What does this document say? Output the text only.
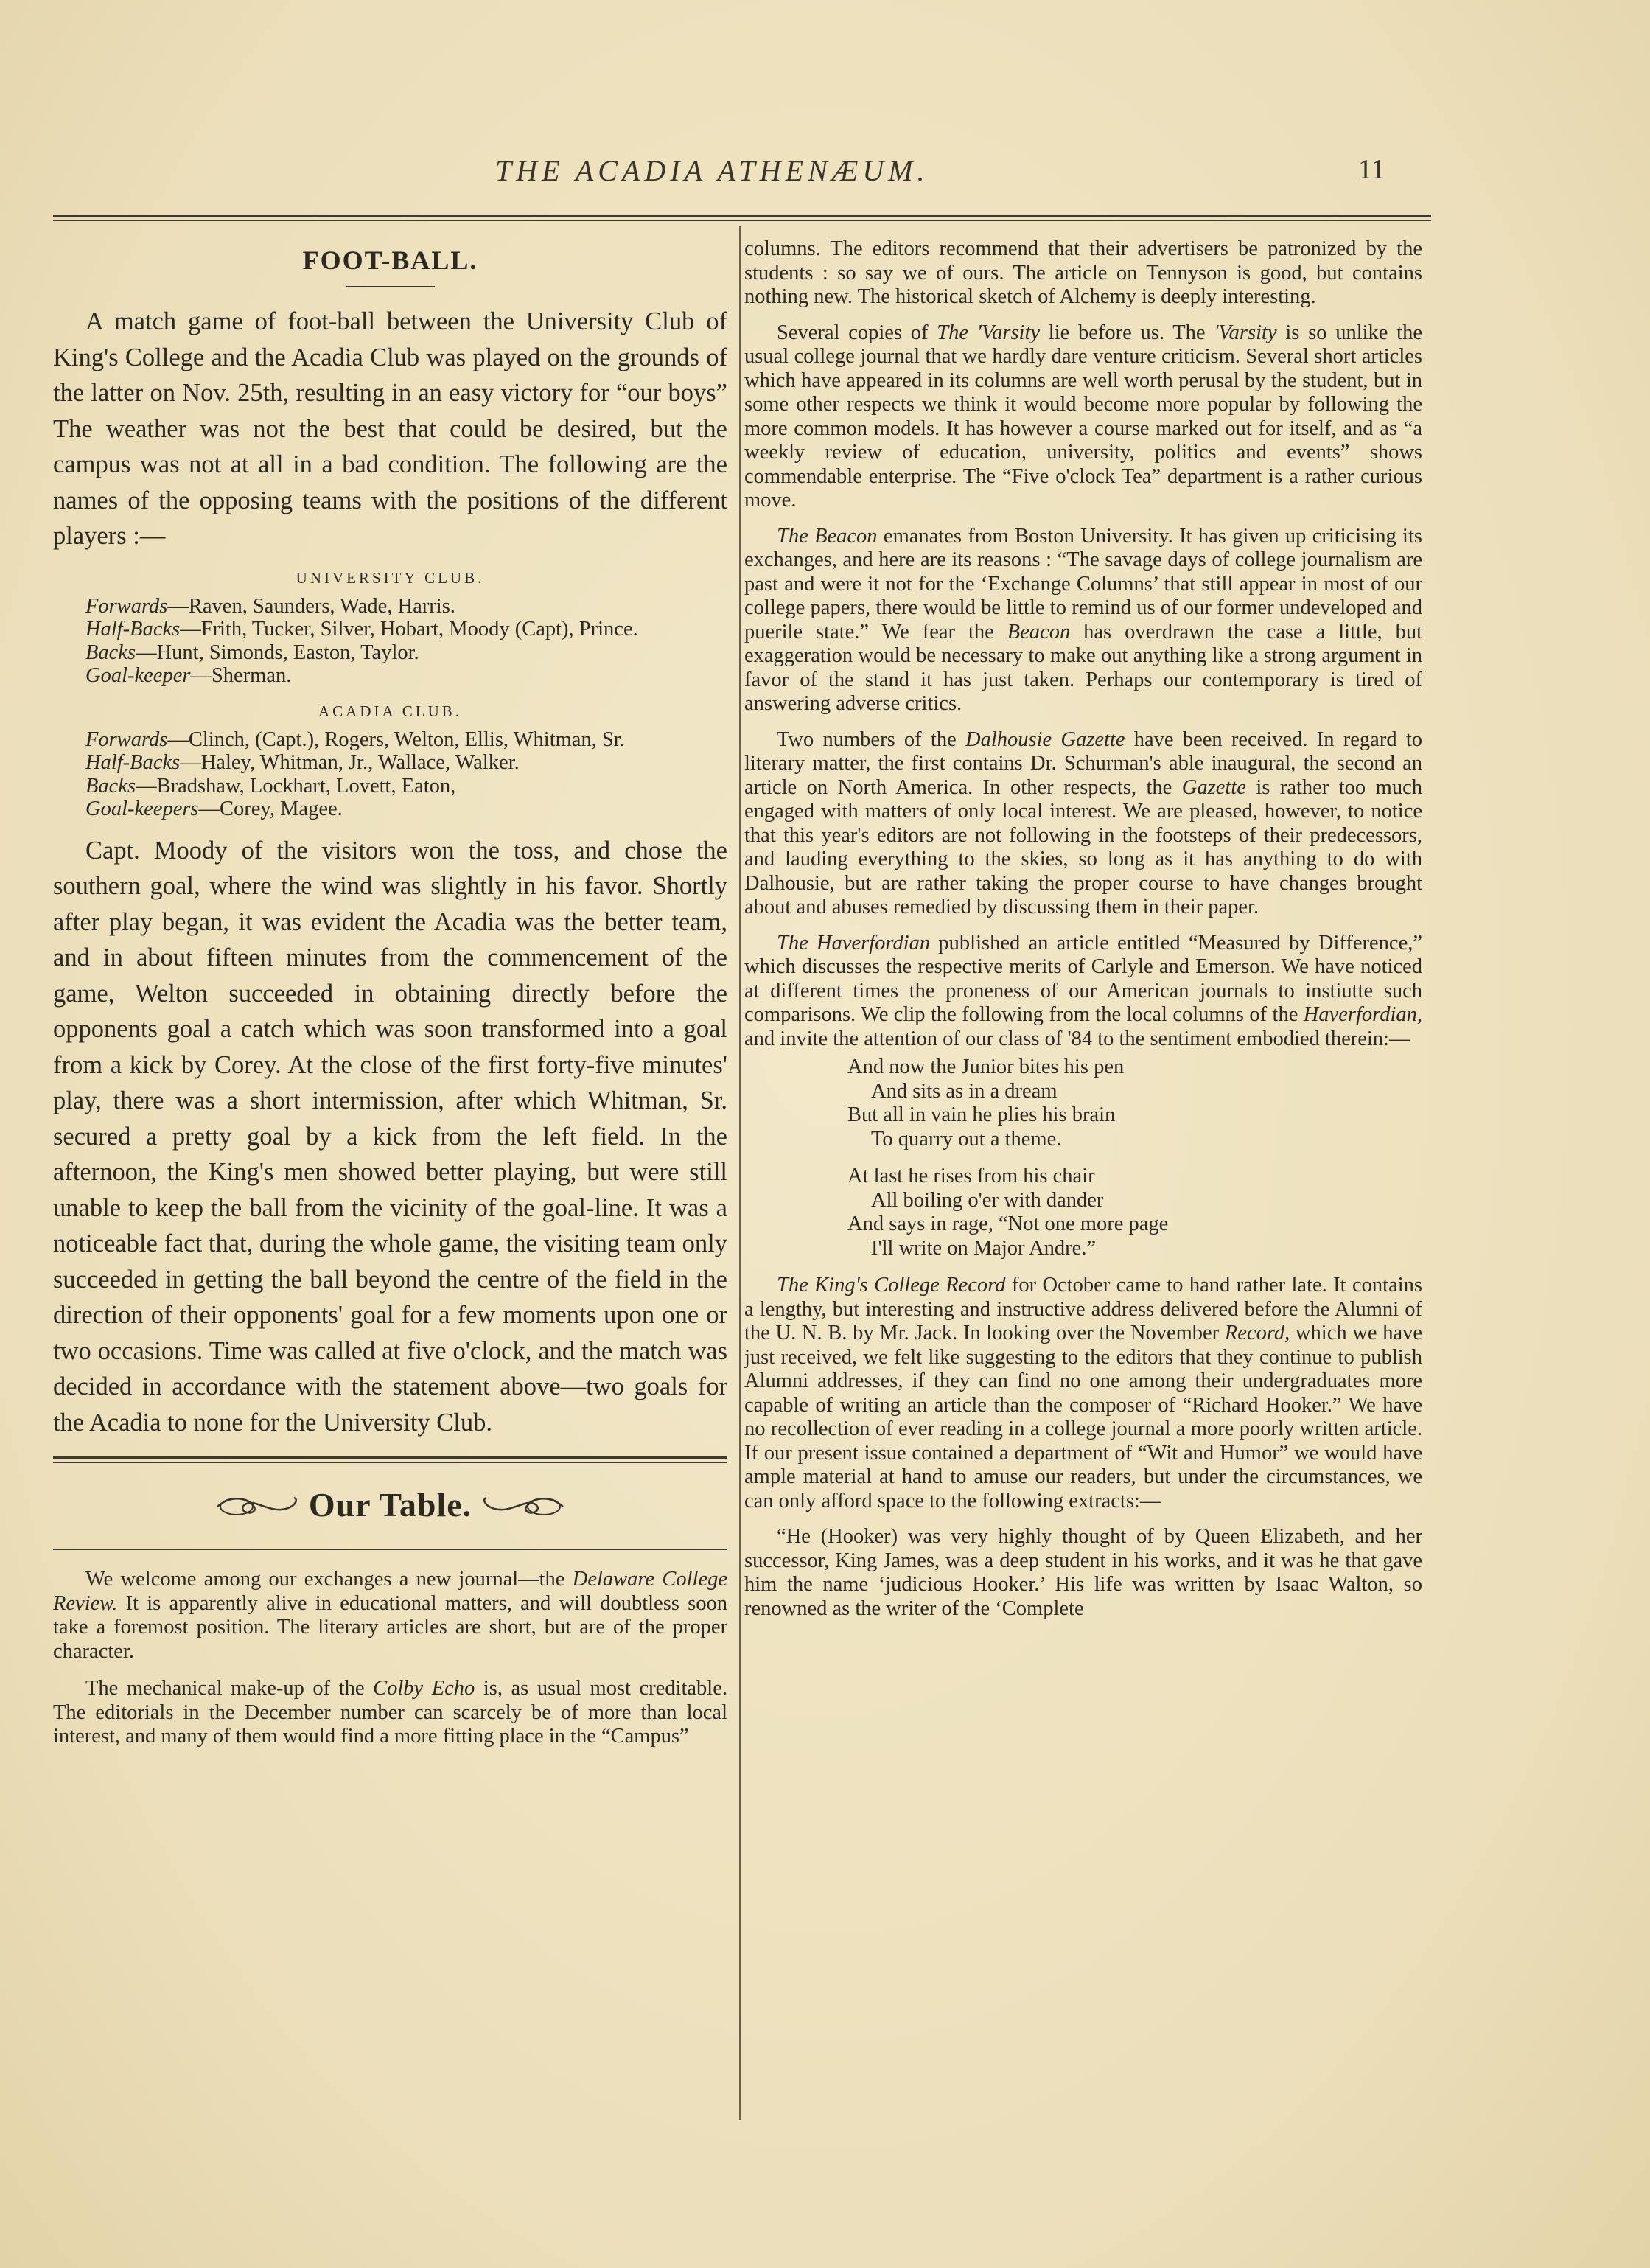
THE ACADIA ATHENÆUM.	11
FOOT-BALL.

A match game of foot-ball between the University Club of King's College and the Acadia Club was played on the grounds of the latter on Nov. 25th, resulting in an easy victory for “our boys” The weather was not the best that could be desired, but the campus was not at all in a bad condition. The following are the names of the opposing teams with the positions of the different players :—

UNIVERSITY CLUB.
Forwards—Raven, Saunders, Wade, Harris.
Half-Backs—Frith, Tucker, Silver, Hobart, Moody (Capt), Prince.
Backs—Hunt, Simonds, Easton, Taylor.
Goal-keeper—Sherman.
ACADIA CLUB.
Forwards—Clinch, (Capt.), Rogers, Welton, Ellis, Whitman, Sr.
Half-Backs—Haley, Whitman, Jr., Wallace, Walker.
Backs—Bradshaw, Lockhart, Lovett, Eaton,
Goal-keepers—Corey, Magee.

Capt. Moody of the visitors won the toss, and chose the southern goal, where the wind was slightly in his favor. Shortly after play began, it was evident the Acadia was the better team, and in about fifteen minutes from the commencement of the game, Welton succeeded in obtaining directly before the opponents goal a catch which was soon transformed into a goal from a kick by Corey. At the close of the first forty-five minutes' play, there was a short intermission, after which Whitman, Sr. secured a pretty goal by a kick from the left field. In the afternoon, the King's men showed better playing, but were still unable to keep the ball from the vicinity of the goal-line. It was a noticeable fact that, during the whole game, the visiting team only succeeded in getting the ball beyond the centre of the field in the direction of their opponents' goal for a few moments upon one or two occasions. Time was called at five o'clock, and the match was decided in accordance with the statement above—two goals for the Acadia to none for the University Club.

Our Table.

We welcome among our exchanges a new journal—the Delaware College Review. It is apparently alive in educational matters, and will doubtless soon take a foremost position. The literary articles are short, but are of the proper character.

The mechanical make-up of the Colby Echo is, as usual most creditable. The editorials in the December number can scarcely be of more than local interest, and many of them would find a more fitting place in the “Campus”

columns. The editors recommend that their advertisers be patronized by the students : so say we of ours. The article on Tennyson is good, but contains nothing new. The historical sketch of Alchemy is deeply interesting.

Several copies of The 'Varsity lie before us. The 'Varsity is so unlike the usual college journal that we hardly dare venture criticism. Several short articles which have appeared in its columns are well worth perusal by the student, but in some other respects we think it would become more popular by following the more common models. It has however a course marked out for itself, and as “a weekly review of education, university, politics and events” shows commendable enterprise. The “Five o'clock Tea” department is a rather curious move.

The Beacon emanates from Boston University. It has given up criticising its exchanges, and here are its reasons : “The savage days of college journalism are past and were it not for the ‘Exchange Columns’ that still appear in most of our college papers, there would be little to remind us of our former undeveloped and puerile state.” We fear the Beacon has overdrawn the case a little, but exaggeration would be necessary to make out anything like a strong argument in favor of the stand it has just taken. Perhaps our contemporary is tired of answering adverse critics.

Two numbers of the Dalhousie Gazette have been received. In regard to literary matter, the first contains Dr. Schurman's able inaugural, the second an article on North America. In other respects, the Gazette is rather too much engaged with matters of only local interest. We are pleased, however, to notice that this year's editors are not following in the footsteps of their predecessors, and lauding everything to the skies, so long as it has anything to do with Dalhousie, but are rather taking the proper course to have changes brought about and abuses remedied by discussing them in their paper.

The Haverfordian published an article entitled “Measured by Difference,” which discusses the respective merits of Carlyle and Emerson. We have noticed at different times the proneness of our American journals to instiutte such comparisons. We clip the following from the local columns of the Haverfordian, and invite the attention of our class of '84 to the sentiment embodied therein:—

And now the Junior bites his pen
And sits as in a dream
But all in vain he plies his brain
To quarry out a theme.
At last he rises from his chair
All boiling o'er with dander
And says in rage, “Not one more page
I'll write on Major Andre.”

The King's College Record for October came to hand rather late. It contains a lengthy, but interesting and instructive address delivered before the Alumni of the U. N. B. by Mr. Jack. In looking over the November Record, which we have just received, we felt like suggesting to the editors that they continue to publish Alumni addresses, if they can find no one among their undergraduates more capable of writing an article than the composer of “Richard Hooker.” We have no recollection of ever reading in a college journal a more poorly written article. If our present issue contained a department of “Wit and Humor” we would have ample material at hand to amuse our readers, but under the circumstances, we can only afford space to the following extracts:—

“He (Hooker) was very highly thought of by Queen Elizabeth, and her successor, King James, was a deep student in his works, and it was he that gave him the name ‘judicious Hooker.’ His life was written by Isaac Walton, so renowned as the writer of the ‘Complete
